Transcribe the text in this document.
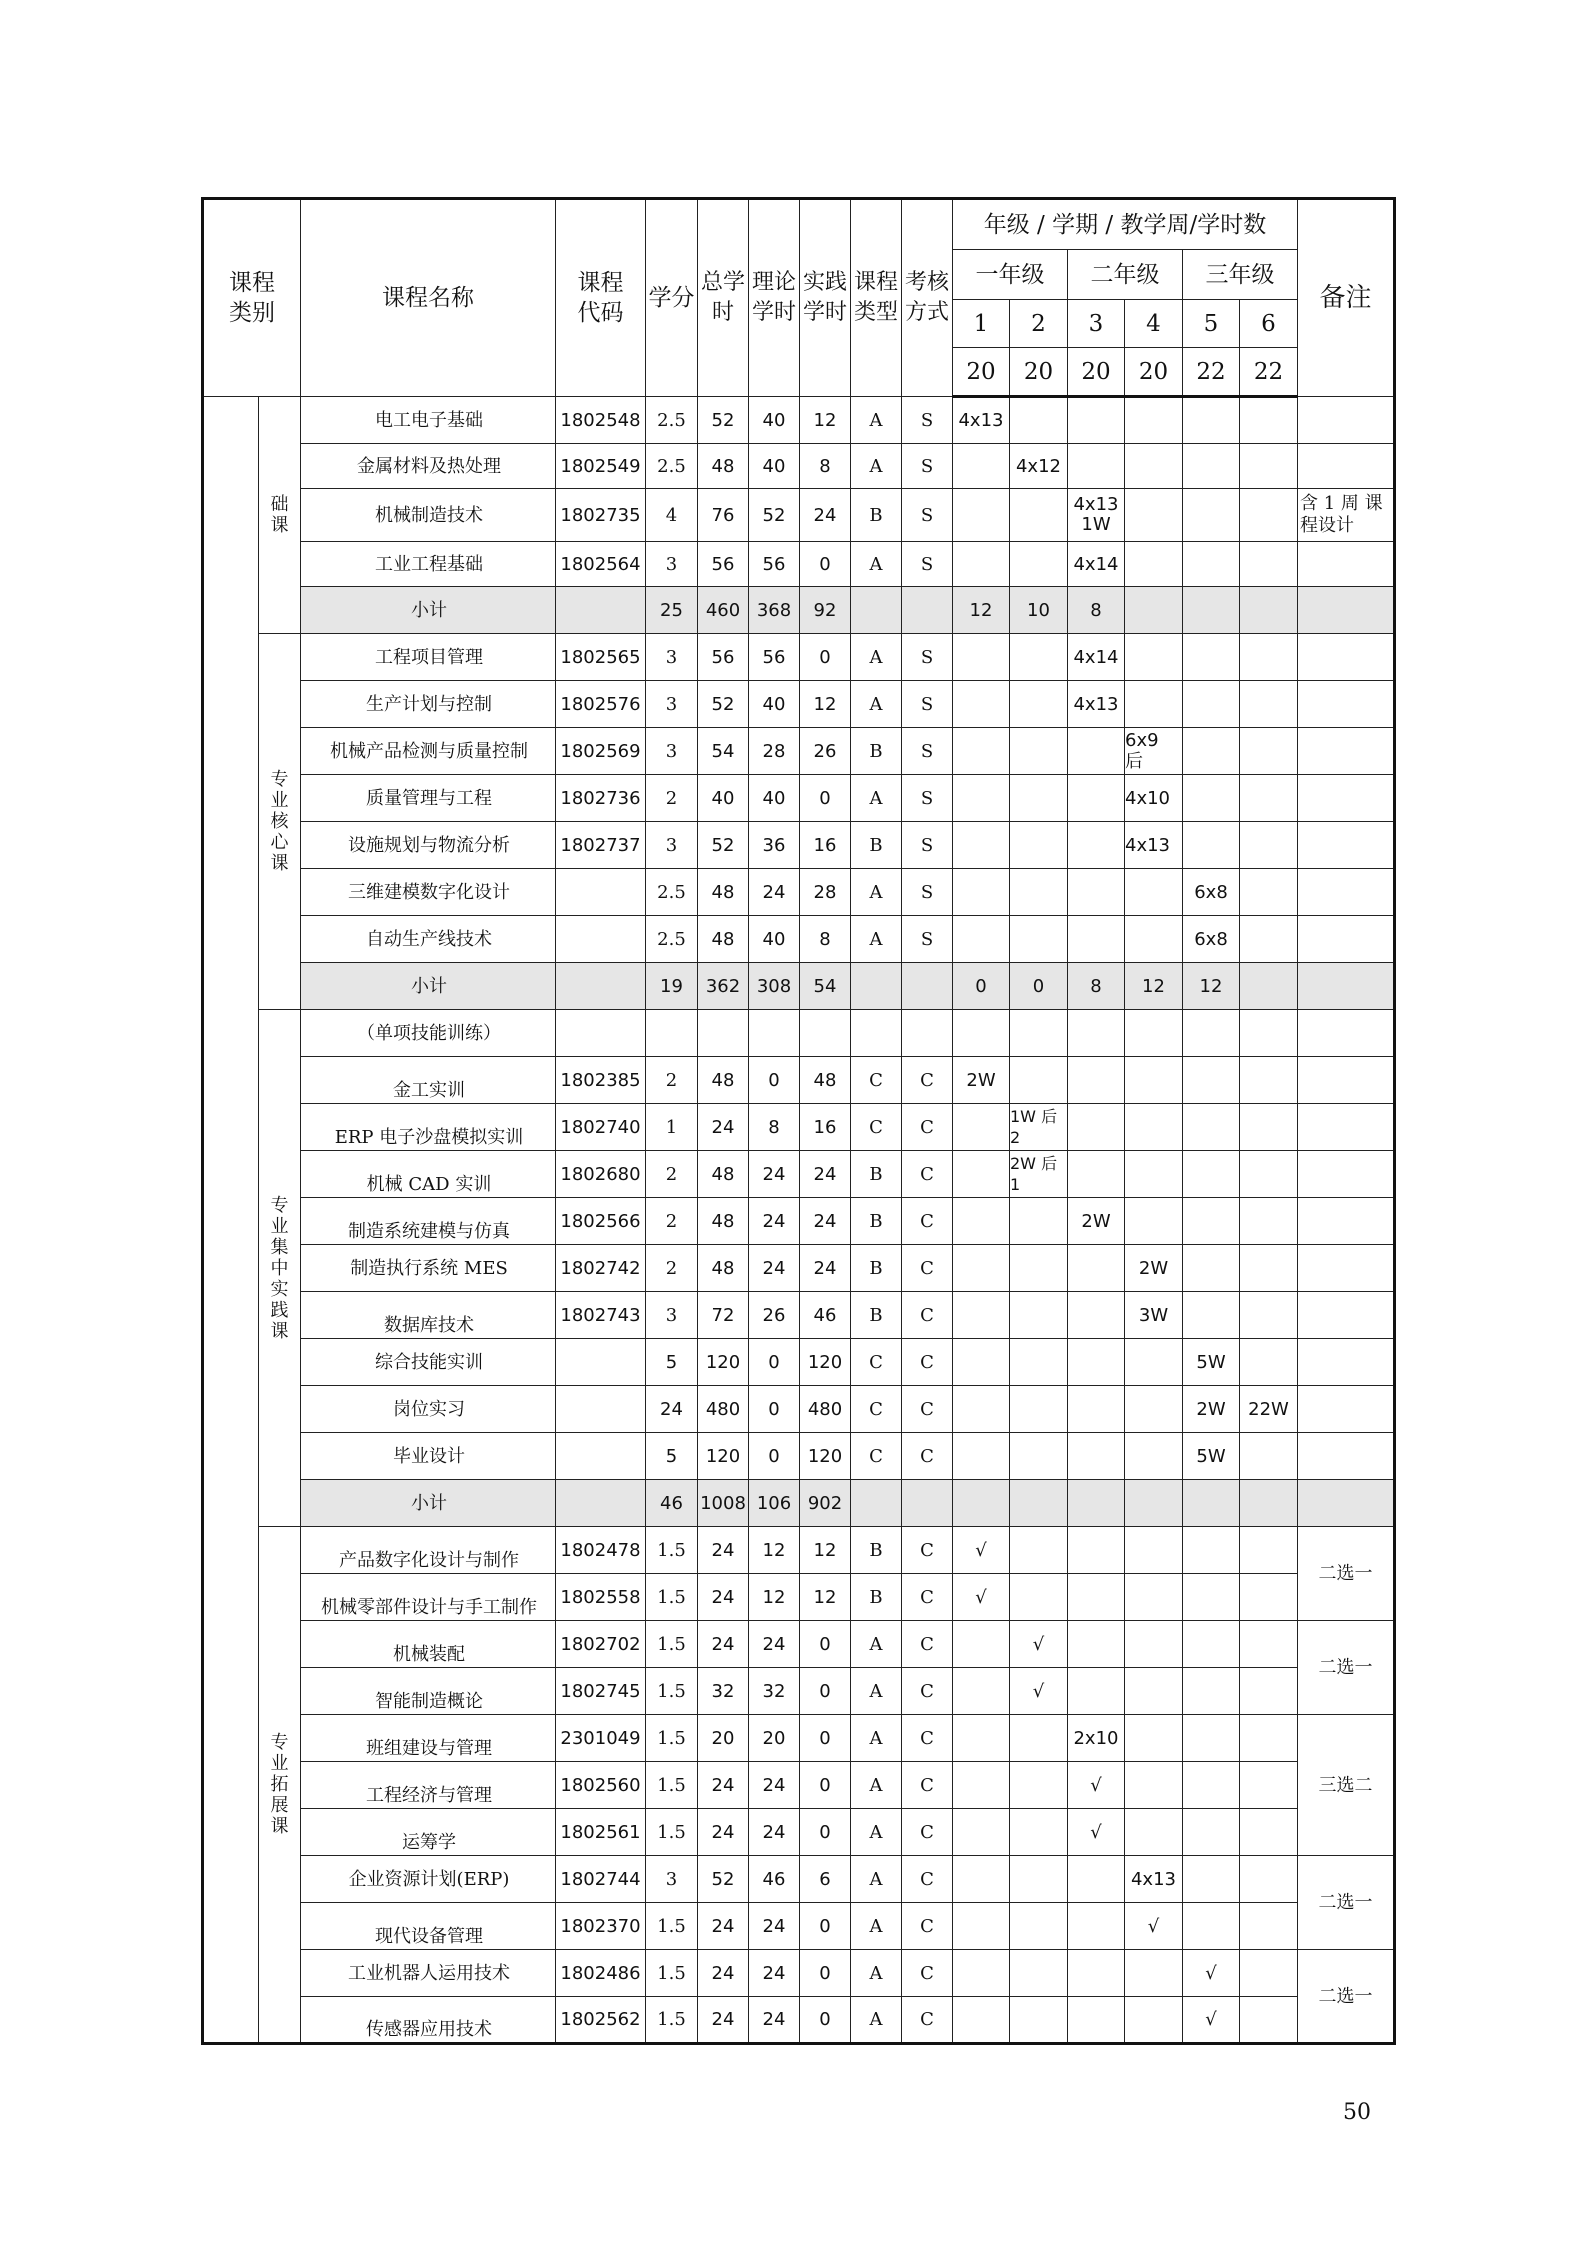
课程类别		课程名称	课程代码	学分	总学时	理论学时	实践学时	课程类型	考核方式	年级 / 学期 / 教学周/学时数						备注
										一年级		二年级		三年级		
										1	2	3	4	5	6	
										20	20	20	20	22	22	
	础课	电工电子基础	1802548	2.5	52	40	12	A	S	4x13						
		金属材料及热处理	1802549	2.5	48	40	8	A	S		4x12					
		机械制造技术	1802735	4	76	52	24	B	S			4x13 1W				含 1 周 课程设计
		工业工程基础	1802564	3	56	56	0	A	S			4x14				
		小计		25	460	368	92			12	10	8				
	专业核心课	工程项目管理	1802565	3	56	56	0	A	S			4x14				
		生产计划与控制	1802576	3	52	40	12	A	S			4x13				
		机械产品检测与质量控制	1802569	3	54	28	26	B	S				6x9 后			
		质量管理与工程	1802736	2	40	40	0	A	S				4x10			
		设施规划与物流分析	1802737	3	52	36	16	B	S				4x13			
		三维建模数字化设计		2.5	48	24	28	A	S					6x8		
		自动生产线技术		2.5	48	40	8	A	S					6x8		
		小计		19	362	308	54			0	0	8	12	12		
	专业集中实践课	（单项技能训练）														
		金工实训	1802385	2	48	0	48	C	C	2W						
		ERP 电子沙盘模拟实训	1802740	1	24	8	16	C	C		1W 后 2					
		机械 CAD 实训	1802680	2	48	24	24	B	C		2W 后 1					
		制造系统建模与仿真	1802566	2	48	24	24	B	C			2W				
		制造执行系统 MES	1802742	2	48	24	24	B	C				2W			
		数据库技术	1802743	3	72	26	46	B	C				3W			
		综合技能实训		5	120	0	120	C	C					5W		
		岗位实习		24	480	0	480	C	C					2W	22W	
		毕业设计		5	120	0	120	C	C					5W		
		小计		46	1008	106	902									
	专业拓展课	产品数字化设计与制作	1802478	1.5	24	12	12	B	C	√						二选一
		机械零部件设计与手工制作	1802558	1.5	24	12	12	B	C	√						
		机械装配	1802702	1.5	24	24	0	A	C		√					二选一
		智能制造概论	1802745	1.5	32	32	0	A	C		√					
		班组建设与管理	2301049	1.5	20	20	0	A	C			2x10				三选二
		工程经济与管理	1802560	1.5	24	24	0	A	C			√				
		运筹学	1802561	1.5	24	24	0	A	C			√				
		企业资源计划(ERP)	1802744	3	52	46	6	A	C				4x13			二选一
		现代设备管理	1802370	1.5	24	24	0	A	C				√			
		工业机器人运用技术	1802486	1.5	24	24	0	A	C					√		二选一
		传感器应用技术	1802562	1.5	24	24	0	A	C					√		
50
